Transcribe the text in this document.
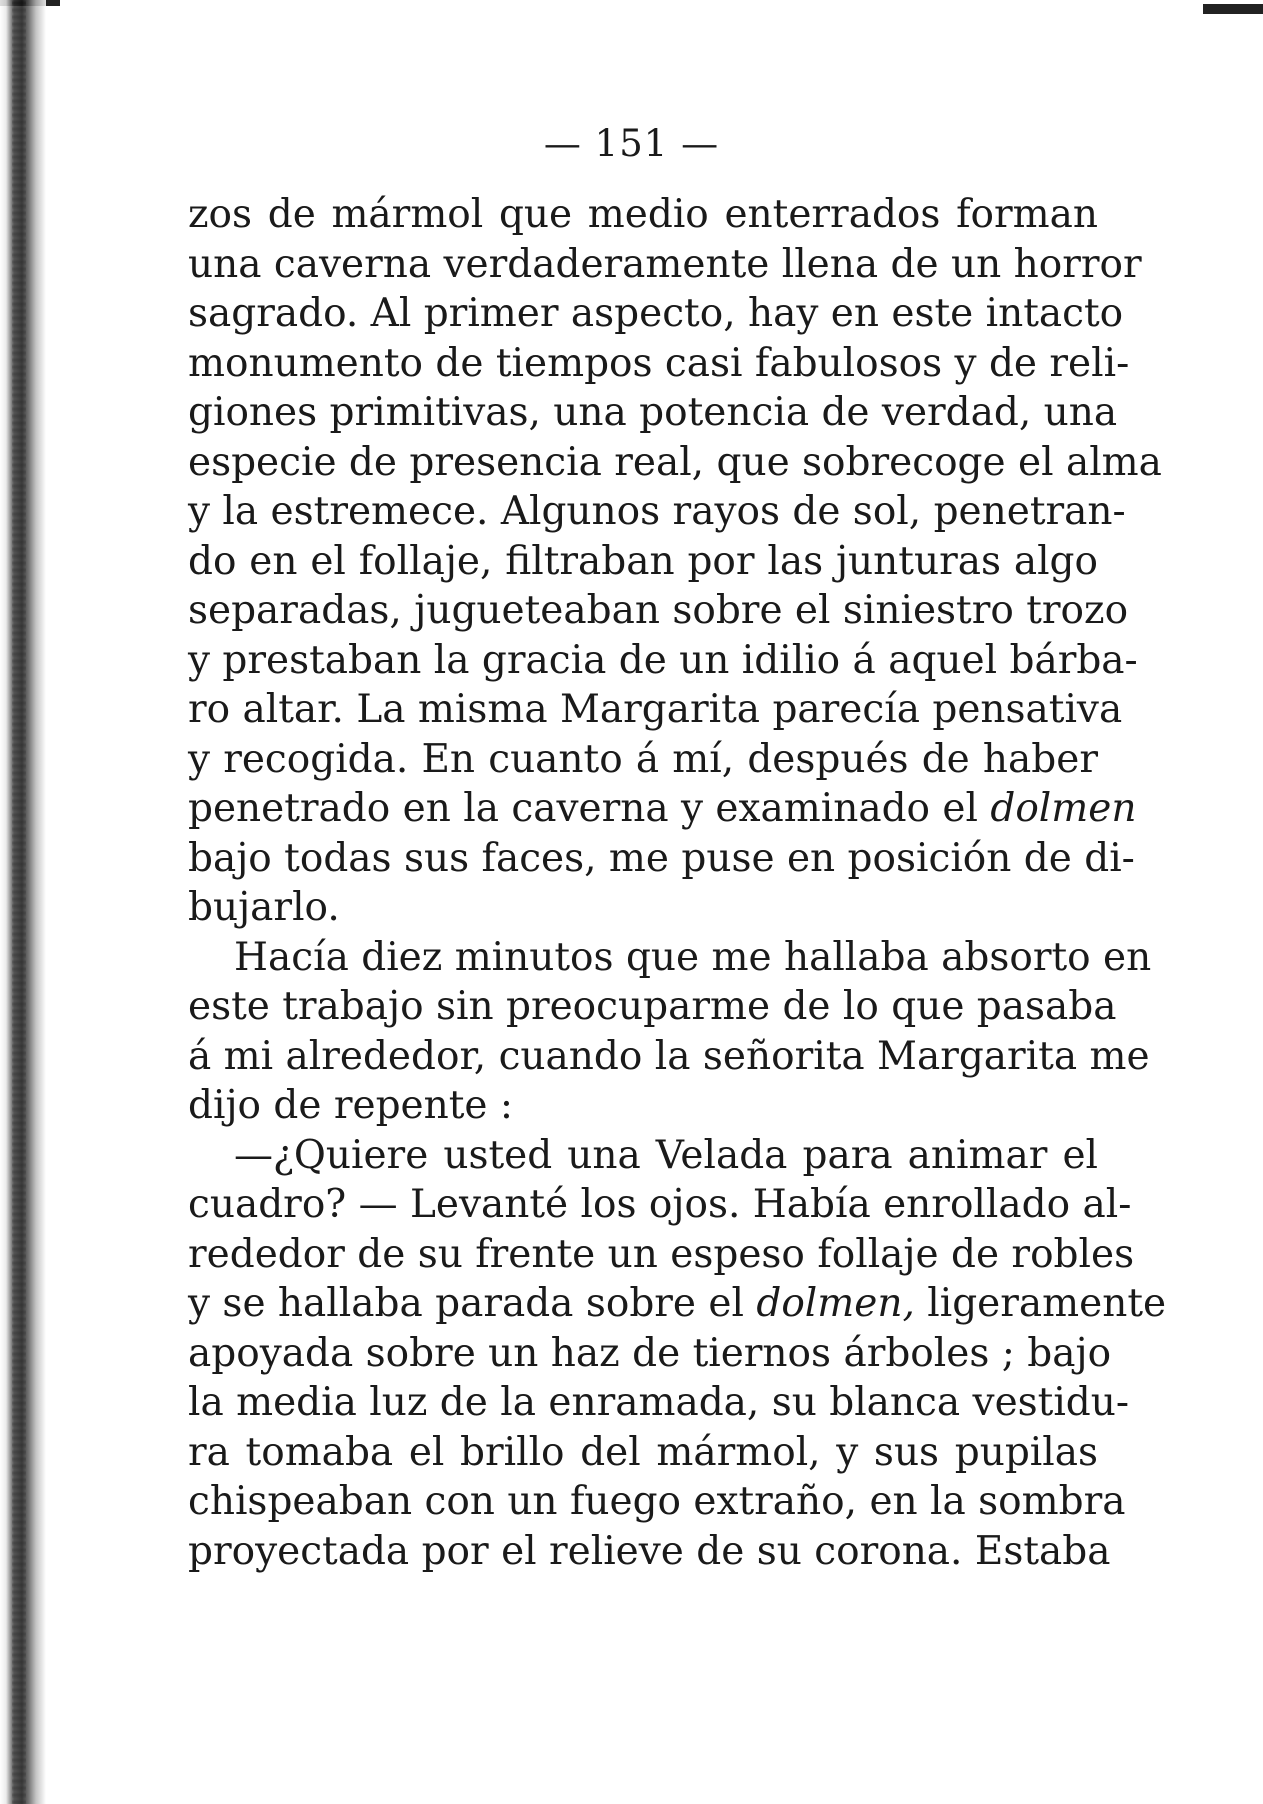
— 151 —
zos de mármol que medio enterrados forman
una caverna verdaderamente llena de un horror
sagrado. Al primer aspecto, hay en este intacto
monumento de tiempos casi fabulosos y de reli-
giones primitivas, una potencia de verdad, una
especie de presencia real, que sobrecoge el alma
y la estremece. Algunos rayos de sol, penetran-
do en el follaje, filtraban por las junturas algo
separadas, jugueteaban sobre el siniestro trozo
y prestaban la gracia de un idilio á aquel bárba-
ro altar. La misma Margarita parecía pensativa
y recogida. En cuanto á mí, después de haber
penetrado en la caverna y examinado el dolmen
bajo todas sus faces, me puse en posición de di-
bujarlo.
Hacía diez minutos que me hallaba absorto en
este trabajo sin preocuparme de lo que pasaba
á mi alrededor, cuando la señorita Margarita me
dijo de repente :
—¿Quiere usted una Velada para animar el
cuadro? — Levanté los ojos. Había enrollado al-
rededor de su frente un espeso follaje de robles
y se hallaba parada sobre el dolmen, ligeramente
apoyada sobre un haz de tiernos árboles ; bajo
la media luz de la enramada, su blanca vestidu-
ra tomaba el brillo del mármol, y sus pupilas
chispeaban con un fuego extraño, en la sombra
proyectada por el relieve de su corona. Estaba
